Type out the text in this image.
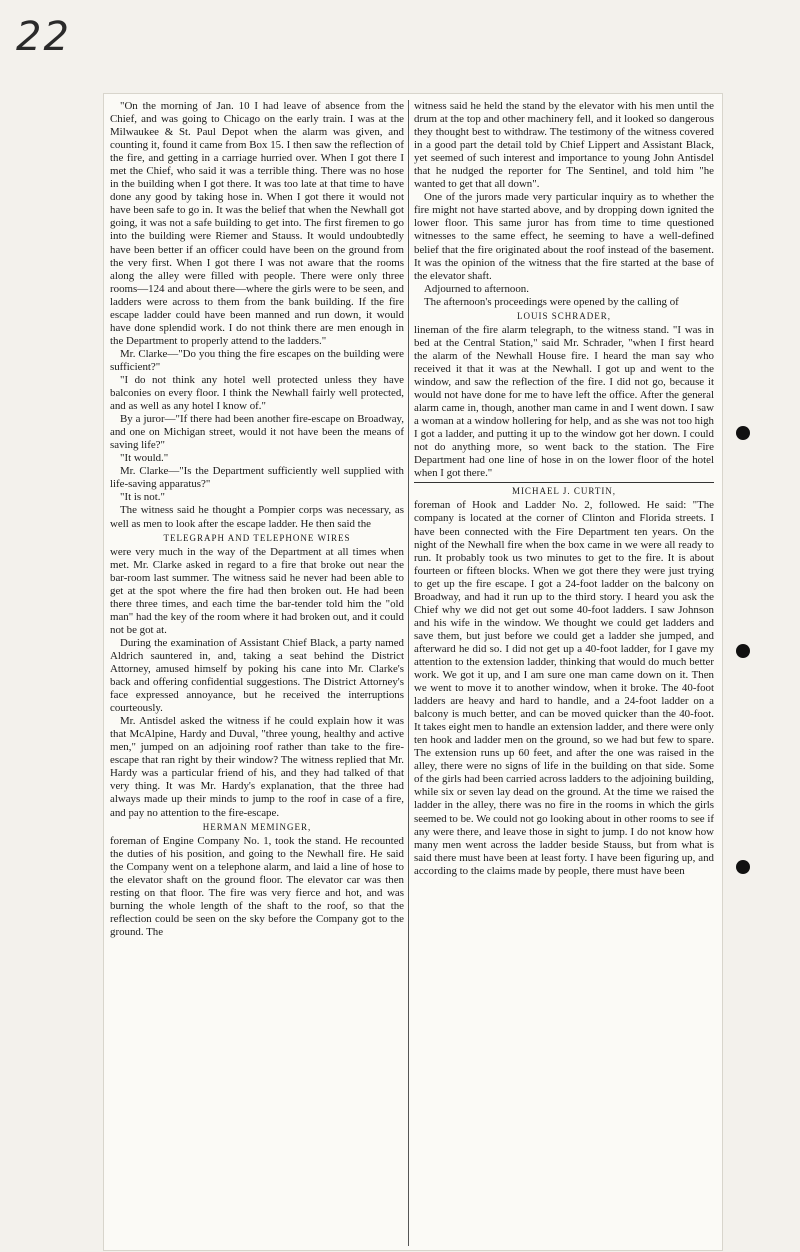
22

"On the morning of Jan. 10 I had leave of absence from the Chief, and was going to Chicago on the early train. I was at the Milwaukee & St. Paul Depot when the alarm was given, and counting it, found it came from Box 15. I then saw the reflection of the fire, and getting in a carriage hurried over. When I got there I met the Chief, who said it was a terrible thing. There was no hose in the building when I got there. It was too late at that time to have done any good by taking hose in. When I got there it would not have been safe to go in. It was the belief that when the Newhall got going, it was not a safe building to get into. The first firemen to go into the building were Riemer and Stauss. It would undoubtedly have been better if an officer could have been on the ground from the very first. When I got there I was not aware that the rooms along the alley were filled with people. There were only three rooms—124 and about there—where the girls were to be seen, and ladders were across to them from the bank building. If the fire escape ladder could have been manned and run down, it would have done splendid work. I do not think there are men enough in the Department to properly attend to the ladders."

Mr. Clarke—"Do you thing the fire escapes on the building were sufficient?"

"I do not think any hotel well protected unless they have balconies on every floor. I think the Newhall fairly well protected, and as well as any hotel I know of."

By a juror—"If there had been another fire-escape on Broadway, and one on Michigan street, would it not have been the means of saving life?"

"It would."

Mr. Clarke—"Is the Department sufficiently well supplied with life-saving apparatus?"

"It is not."

The witness said he thought a Pompier corps was necessary, as well as men to look after the escape ladder. He then said the

TELEGRAPH AND TELEPHONE WIRES

were very much in the way of the Department at all times when met. Mr. Clarke asked in regard to a fire that broke out near the bar-room last summer. The witness said he never had been able to get at the spot where the fire had then broken out. He had been there three times, and each time the bar-tender told him the "old man" had the key of the room where it had broken out, and it could not be got at.

During the examination of Assistant Chief Black, a party named Aldrich sauntered in, and, taking a seat behind the District Attorney, amused himself by poking his cane into Mr. Clarke's back and offering confidential suggestions. The District Attorney's face expressed annoyance, but he received the interruptions courteously.

Mr. Antisdel asked the witness if he could explain how it was that McAlpine, Hardy and Duval, "three young, healthy and active men," jumped on an adjoining roof rather than take to the fire-escape that ran right by their window? The witness replied that Mr. Hardy was a particular friend of his, and they had talked of that very thing. It was Mr. Hardy's explanation, that the three had always made up their minds to jump to the roof in case of a fire, and pay no attention to the fire-escape.

HERMAN MEMINGER,

foreman of Engine Company No. 1, took the stand. He recounted the duties of his position, and going to the Newhall fire. He said the Company went on a telephone alarm, and laid a line of hose to the elevator shaft on the ground floor. The elevator car was then resting on that floor. The fire was very fierce and hot, and was burning the whole length of the shaft to the roof, so that the reflection could be seen on the sky before the Company got to the ground. The

witness said he held the stand by the elevator with his men until the drum at the top and other machinery fell, and it looked so dangerous they thought best to withdraw. The testimony of the witness covered in a good part the detail told by Chief Lippert and Assistant Black, yet seemed of such interest and importance to young John Antisdel that he nudged the reporter for The Sentinel, and told him "he wanted to get that all down".

One of the jurors made very particular inquiry as to whether the fire might not have started above, and by dropping down ignited the lower floor. This same juror has from time to time questioned witnesses to the same effect, he seeming to have a well-defined belief that the fire originated about the roof instead of the basement. It was the opinion of the witness that the fire started at the base of the elevator shaft.

Adjourned to afternoon.

The afternoon's proceedings were opened by the calling of

LOUIS SCHRADER,

lineman of the fire alarm telegraph, to the witness stand. "I was in bed at the Central Station," said Mr. Schrader, "when I first heard the alarm of the Newhall House fire. I heard the man say who received it that it was at the Newhall. I got up and went to the window, and saw the reflection of the fire. I did not go, because it would not have done for me to have left the office. After the general alarm came in, though, another man came in and I went down. I saw a woman at a window hollering for help, and as she was not too high I got a ladder, and putting it up to the window got her down. I could not do anything more, so went back to the station. The Fire Department had one line of hose in on the lower floor of the hotel when I got there."

MICHAEL J. CURTIN,

foreman of Hook and Ladder No. 2, followed. He said: "The company is located at the corner of Clinton and Florida streets. I have been connected with the Fire Department ten years. On the night of the Newhall fire when the box came in we were all ready to run. It probably took us two minutes to get to the fire. It is about fourteen or fifteen blocks. When we got there they were just trying to get up the fire escape. I got a 24-foot ladder on the balcony on Broadway, and had it run up to the third story. I heard you ask the Chief why we did not get out some 40-foot ladders. I saw Johnson and his wife in the window. We thought we could get ladders and save them, but just before we could get a ladder she jumped, and afterward he did so. I did not get up a 40-foot ladder, for I gave my attention to the extension ladder, thinking that would do much better work. We got it up, and I am sure one man came down on it. Then we went to move it to another window, when it broke. The 40-foot ladders are heavy and hard to handle, and a 24-foot ladder on a balcony is much better, and can be moved quicker than the 40-foot. It takes eight men to handle an extension ladder, and there were only ten hook and ladder men on the ground, so we had but few to spare. The extension runs up 60 feet, and after the one was raised in the alley, there were no signs of life in the building on that side. Some of the girls had been carried across ladders to the adjoining building, while six or seven lay dead on the ground. At the time we raised the ladder in the alley, there was no fire in the rooms in which the girls seemed to be. We could not go looking about in other rooms to see if any were there, and leave those in sight to jump. I do not know how many men went across the ladder beside Stauss, but from what is said there must have been at least forty. I have been figuring up, and according to the claims made by people, there must have been
